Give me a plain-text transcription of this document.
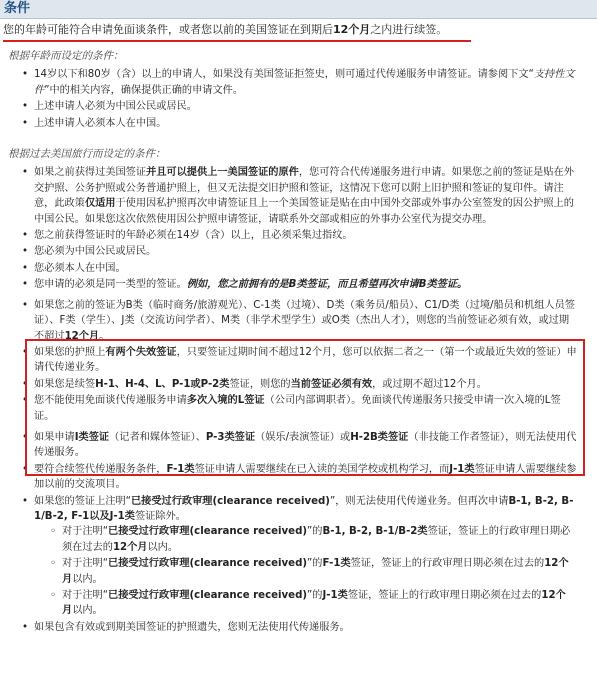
条件
您的年龄可能符合申请免面谈条件，或者您以前的美国签证在到期后12个月之内进行续签。
根据年龄而设定的条件：
• 14岁以下和80岁（含）以上的申请人，如果没有美国签证拒签史，则可通过代传递服务申请签证。请参阅下文“支持性文件”中的相关内容，确保提供正确的申请文件。
• 上述申请人必须为中国公民或居民。
• 上述申请人必须本人在中国。
根据过去美国旅行而设定的条件：
• 如果之前获得过美国签证并且可以提供上一美国签证的原件，您可符合代传递服务进行申请。如果您之前的签证是贴在外交护照、公务护照或公务普通护照上，但又无法提交旧护照和签证，这情况下您可以附上旧护照和签证的复印件。请注意，此政策仅适用于使用因私护照再次申请签证且上一个美国签证是贴在由中国外交部或外事办公室签发的因公护照上的中国公民。如果您这次依然使用因公护照申请签证，请联系外交部或相应的外事办公室代为提交办理。
• 您之前获得签证时的年龄必须在14岁（含）以上，且必须采集过指纹。
• 您必须为中国公民或居民。
• 您必须本人在中国。
• 您申请的必须是同一类型的签证。例如，您之前拥有的是B类签证，而且希望再次申请B类签证。
• 如果您之前的签证为B类（临时商务/旅游观光）、C-1类（过境）、D类（乘务员/船员）、C1/D类（过境/船员和机组人员签证）、F类（学生）、J类（交流访问学者）、M类（非学术型学生）或O类（杰出人才），则您的当前签证必须有效，或过期不超过12个月。
• 如果您的护照上有两个失效签证，只要签证过期时间不超过12个月，您可以依据二者之一（第一个或最近失效的签证）申请代传递业务。
• 如果您是续签H-1、H-4、L、P-1或P-2类签证，则您的当前签证必须有效，或过期不超过12个月。
• 您不能使用免面谈代传递服务申请多次入境的L签证（公司内部调职者）。免面谈代传递服务只接受申请一次入境的L签证。
• 如果申请I类签证（记者和媒体签证）、P-3类签证（娱乐/表演签证）或H-2B类签证（非技能工作者签证），则无法使用代传递服务。
• 要符合续签代传递服务条件，F-1类签证申请人需要继续在已入读的美国学校或机构学习，而J-1类签证申请人需要继续参加以前的交流项目。
• 如果您的签证上注明“已接受过行政审理(clearance received)”，则无法使用代传递业务。但再次申请B-1, B-2, B-1/B-2, F-1以及J-1类签证除外。
◦ 对于注明“已接受过行政审理(clearance received)”的B-1, B-2, B-1/B-2类签证，签证上的行政审理日期必须在过去的12个月以内。
◦ 对于注明“已接受过行政审理(clearance received)”的F-1类签证，签证上的行政审理日期必须在过去的12个月以内。
◦ 对于注明“已接受过行政审理(clearance received)”的J-1类签证，签证上的行政审理日期必须在过去的12个月以内。
• 如果包含有效或到期美国签证的护照遗失，您则无法使用代传递服务。
